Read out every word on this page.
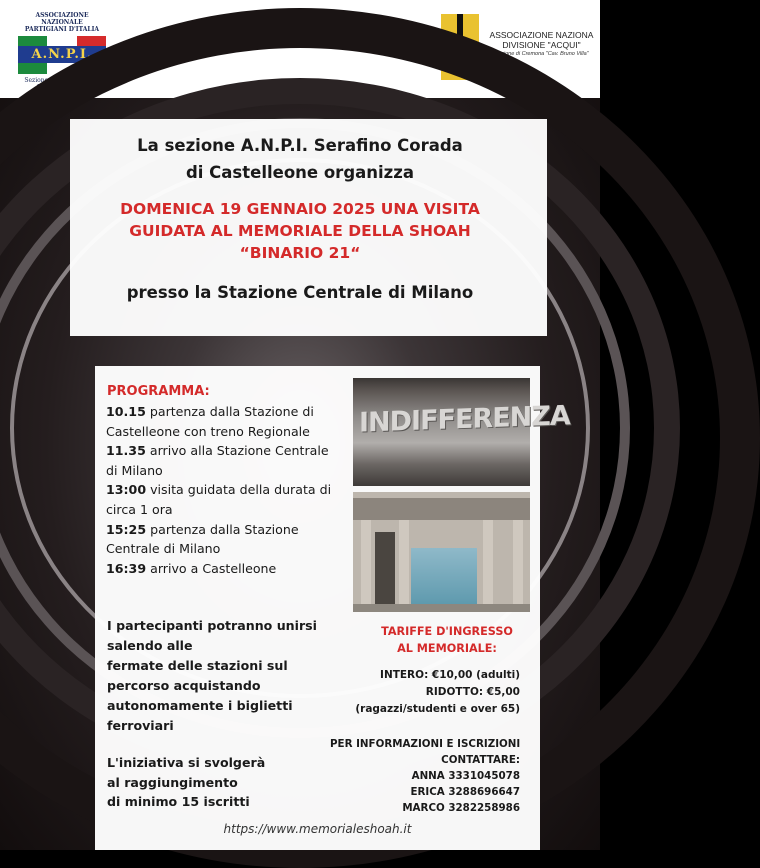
ASSOCIAZIONE NAZIONALE
PARTIGIANI D'ITALIA
A.N.P.I.
Sezione Serafino Corada
CASTELLEONE
★
ASSOCIAZIONE NAZIONA
DIVISIONE "ACQUI"
Sezione di Cremona "Cav. Bruno Villa"
La sezione A.N.P.I. Serafino Corada
di Castelleone organizza
DOMENICA 19 GENNAIO 2025 UNA VISITA
GUIDATA AL MEMORIALE DELLA SHOAH
“BINARIO 21“
presso la Stazione Centrale di Milano
PROGRAMMA:
10.15 partenza dalla Stazione di
Castelleone con treno Regionale
11.35 arrivo alla Stazione Centrale
di Milano
13:00 visita guidata della durata di
circa 1 ora
15:25 partenza dalla Stazione
Centrale di Milano
16:39 arrivo a Castelleone
INDIFFERENZA
I partecipanti potranno unirsi
salendo alle
fermate delle stazioni sul
percorso acquistando
autonomamente i biglietti
ferroviari
L'iniziativa si svolgerà
al raggiungimento
di minimo 15 iscritti
TARIFFE D'INGRESSO
AL MEMORIALE:
INTERO: €10,00 (adulti)
RIDOTTO: €5,00
(ragazzi/studenti e over 65)
PER INFORMAZIONI E ISCRIZIONI
CONTATTARE:
ANNA 3331045078
ERICA 3288696647
MARCO 3282258986
https://www.memorialeshoah.it
